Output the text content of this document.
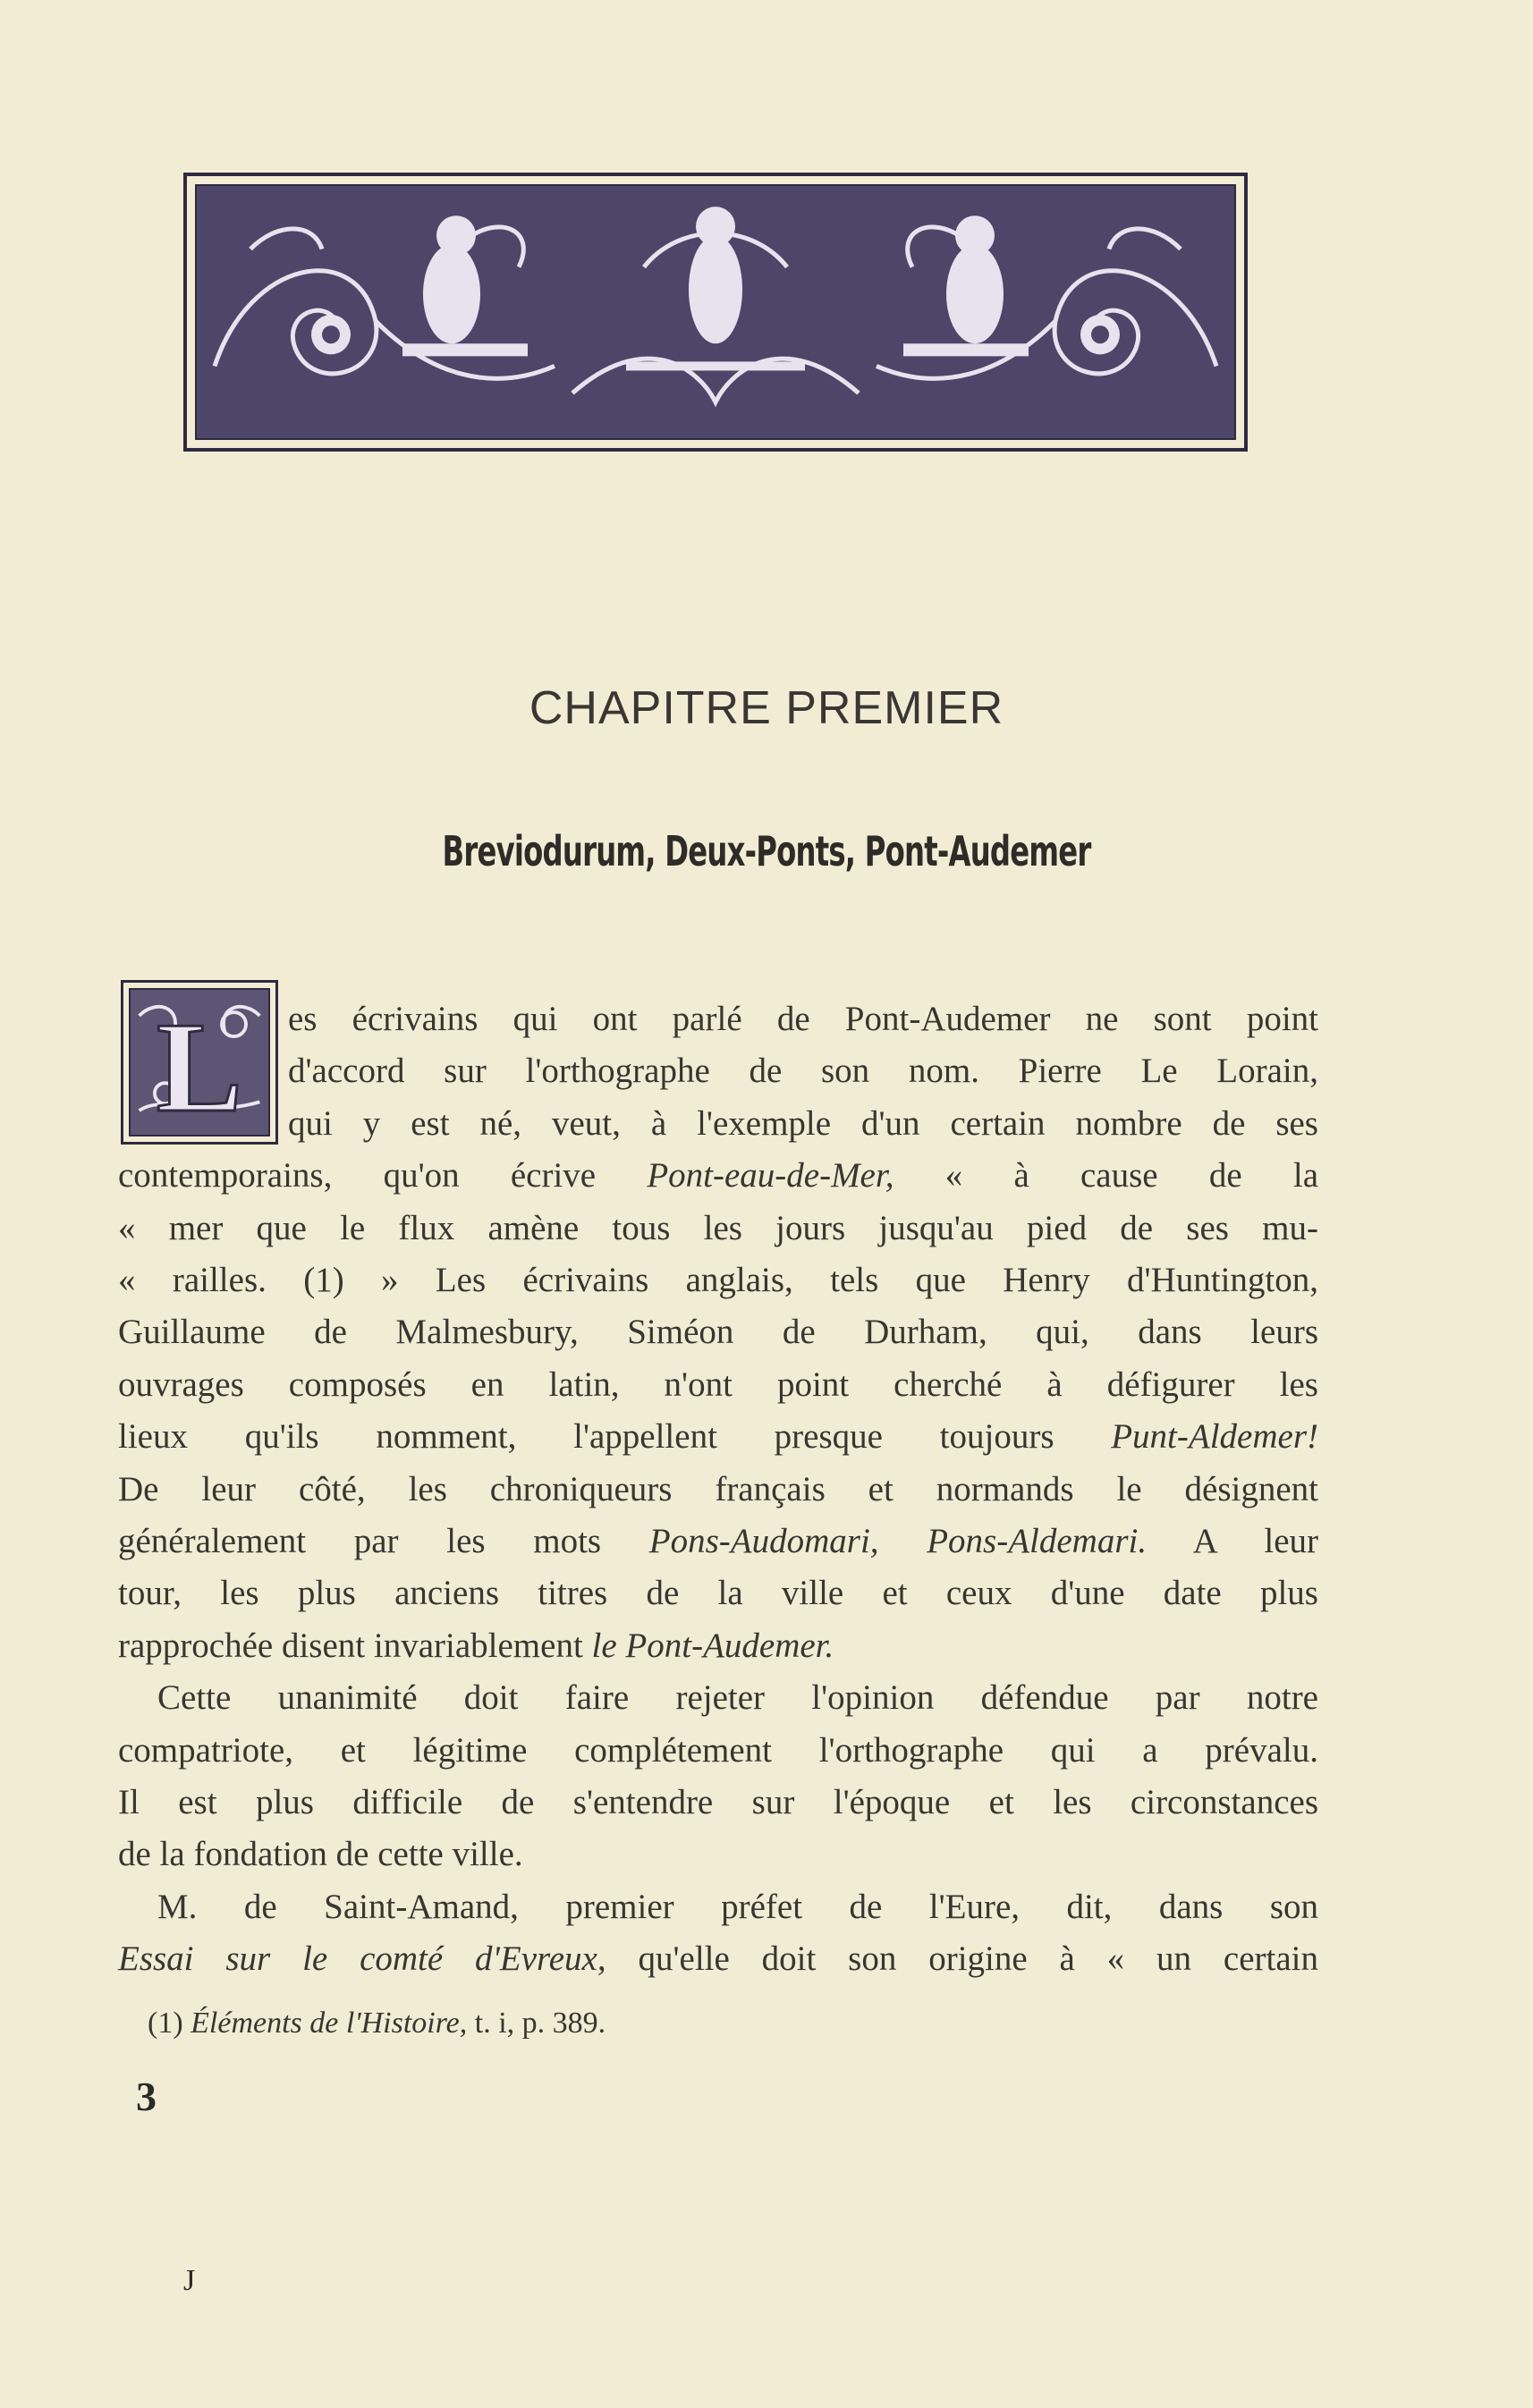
CHAPITRE PREMIER
Breviodurum, Deux-Ponts, Pont-Audemer
L es écrivains qui ont parlé de Pont-Audemer ne sont point
d'accord sur l'orthographe de son nom. Pierre Le Lorain,
qui y est né, veut, à l'exemple d'un certain nombre de ses
contemporains, qu'on écrive Pont-eau-de-Mer, « à cause de la
« mer que le flux amène tous les jours jusqu'au pied de ses mu-
« railles. (1) » Les écrivains anglais, tels que Henry d'Huntington,
Guillaume de Malmesbury, Siméon de Durham, qui, dans leurs
ouvrages composés en latin, n'ont point cherché à défigurer les
lieux qu'ils nomment, l'appellent presque toujours Punt-Aldemer!
De leur côté, les chroniqueurs français et normands le désignent
généralement par les mots Pons-Audomari, Pons-Aldemari. A leur
tour, les plus anciens titres de la ville et ceux d'une date plus
rapprochée disent invariablement le Pont-Audemer.
Cette unanimité doit faire rejeter l'opinion défendue par notre
compatriote, et légitime complétement l'orthographe qui a prévalu.
Il est plus difficile de s'entendre sur l'époque et les circonstances
de la fondation de cette ville.
M. de Saint-Amand, premier préfet de l'Eure, dit, dans son
Essai sur le comté d'Evreux, qu'elle doit son origine à « un certain
(1) Éléments de l'Histoire, t. i, p. 389.
3
J
